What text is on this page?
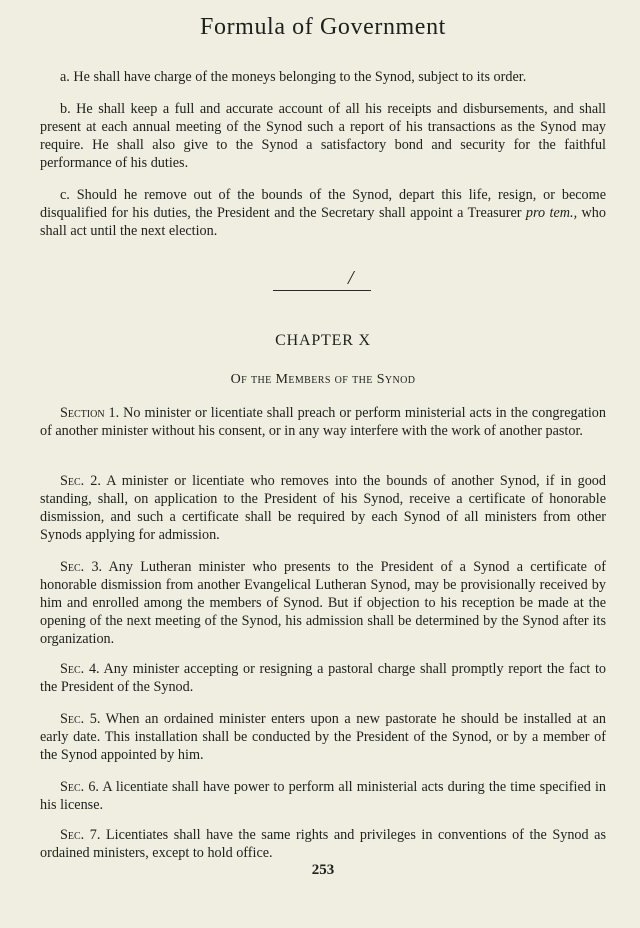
Formula of Government

a. He shall have charge of the moneys belonging to the Synod, subject to its order.

b. He shall keep a full and accurate account of all his receipts and disbursements, and shall present at each annual meeting of the Synod such a report of his transactions as the Synod may require. He shall also give to the Synod a satisfactory bond and security for the faithful performance of his duties.

c. Should he remove out of the bounds of the Synod, depart this life, resign, or become disqualified for his duties, the President and the Secretary shall appoint a Treasurer pro tem., who shall act until the next election.

/
CHAPTER X
Of the Members of the Synod

Section 1. No minister or licentiate shall preach or perform ministerial acts in the congregation of another minister without his consent, or in any way interfere with the work of another pastor.

Sec. 2. A minister or licentiate who removes into the bounds of another Synod, if in good standing, shall, on application to the President of his Synod, receive a certificate of honorable dismission, and such a certificate shall be required by each Synod of all ministers from other Synods applying for admission.

Sec. 3. Any Lutheran minister who presents to the President of a Synod a certificate of honorable dismission from another Evangelical Lutheran Synod, may be provisionally received by him and enrolled among the members of Synod. But if objection to his reception be made at the opening of the next meeting of the Synod, his admission shall be determined by the Synod after its organization.

Sec. 4. Any minister accepting or resigning a pastoral charge shall promptly report the fact to the President of the Synod.

Sec. 5. When an ordained minister enters upon a new pastorate he should be installed at an early date. This installation shall be conducted by the President of the Synod, or by a member of the Synod appointed by him.

Sec. 6. A licentiate shall have power to perform all ministerial acts during the time specified in his license.

Sec. 7. Licentiates shall have the same rights and privileges in conventions of the Synod as ordained ministers, except to hold office.

253
